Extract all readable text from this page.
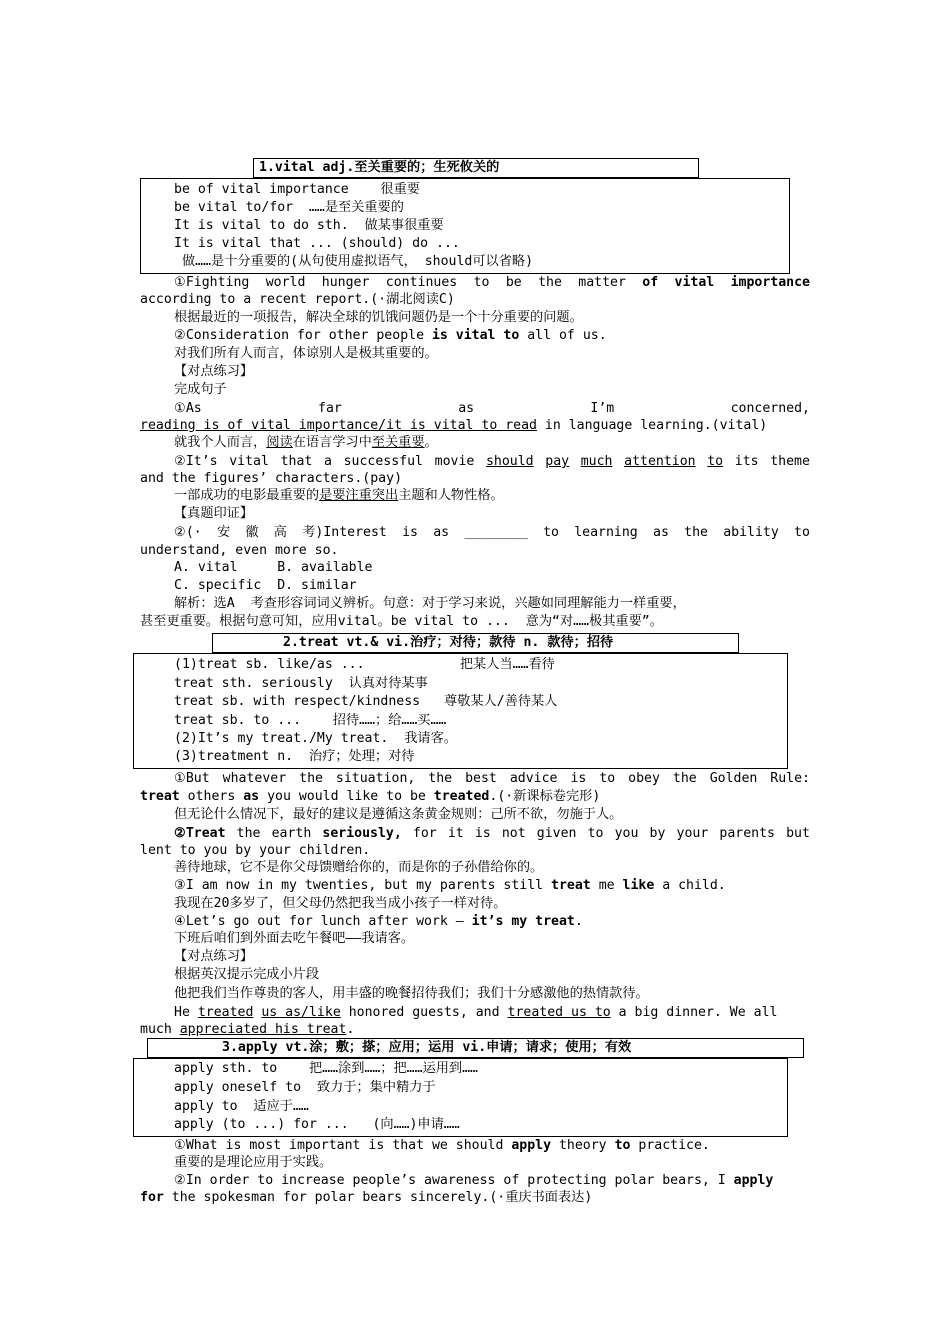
1.vital adj.至关重要的；生死攸关的
be of vital importance    很重要
be vital to/for  ……是至关重要的
It is vital to do sth.  做某事很重要
It is vital that ... (should) do ...
做……是十分重要的(从句使用虚拟语气， should可以省略)
①Fighting world hunger continues to be the matter of vital importance
according to a recent report.(·湖北阅读C)
根据最近的一项报告，解决全球的饥饿问题仍是一个十分重要的问题。
②Consideration for other people is vital to all of us.
对我们所有人而言，体谅别人是极其重要的。
【对点练习】
完成句子
①As	far	as	I’m	concerned,
reading is of vital importance/it is vital to read in language learning.(vital)
就我个人而言，阅读在语言学习中至关重要。
②It’s vital that a successful movie should pay much attention to its theme
and the figures’ characters.(pay)
一部成功的电影最重要的是要注重突出主题和人物性格。
【真题印证】
②(· 安 徽 高 考)Interest is as ________ to learning as the ability to
understand, even more so.
A. vital     B. available
C. specific  D. similar
解析：选A  考查形容词词义辨析。句意：对于学习来说，兴趣如同理解能力一样重要，
甚至更重要。根据句意可知，应用vital。be vital to ...  意为“对……极其重要”。
2.treat vt.& vi.治疗；对待；款待 n. 款待；招待
(1)treat sb. like/as ...            把某人当……看待
treat sth. seriously  认真对待某事
treat sb. with respect/kindness   尊敬某人/善待某人
treat sb. to ...    招待……；给……买……
(2)It’s my treat./My treat.  我请客。
(3)treatment n.  治疗；处理；对待
①But whatever the situation, the best advice is to obey the Golden Rule:
treat others as you would like to be treated.(·新课标卷完形)
但无论什么情况下，最好的建议是遵循这条黄金规则：己所不欲，勿施于人。
②Treat the earth seriously, for it is not given to you by your parents but
lent to you by your children.
善待地球，它不是你父母馈赠给你的，而是你的子孙借给你的。
③I am now in my twenties, but my parents still treat me like a child.
我现在20多岁了，但父母仍然把我当成小孩子一样对待。
④Let’s go out for lunch after work — it’s my treat.
下班后咱们到外面去吃午餐吧——我请客。
【对点练习】
根据英汉提示完成小片段
他把我们当作尊贵的客人，用丰盛的晚餐招待我们；我们十分感激他的热情款待。
He treated us as/like honored guests, and treated us to a big dinner. We all
much appreciated his treat.
3.apply vt.涂；敷；搽；应用；运用 vi.申请；请求；使用；有效
apply sth. to    把……涂到……；把……运用到……
apply oneself to  致力于；集中精力于
apply to  适应于……
apply (to ...) for ...   (向……)申请……
①What is most important is that we should apply theory to practice.
重要的是理论应用于实践。
②In order to increase people’s awareness of protecting polar bears, I apply
for the spokesman for polar bears sincerely.(·重庆书面表达)
